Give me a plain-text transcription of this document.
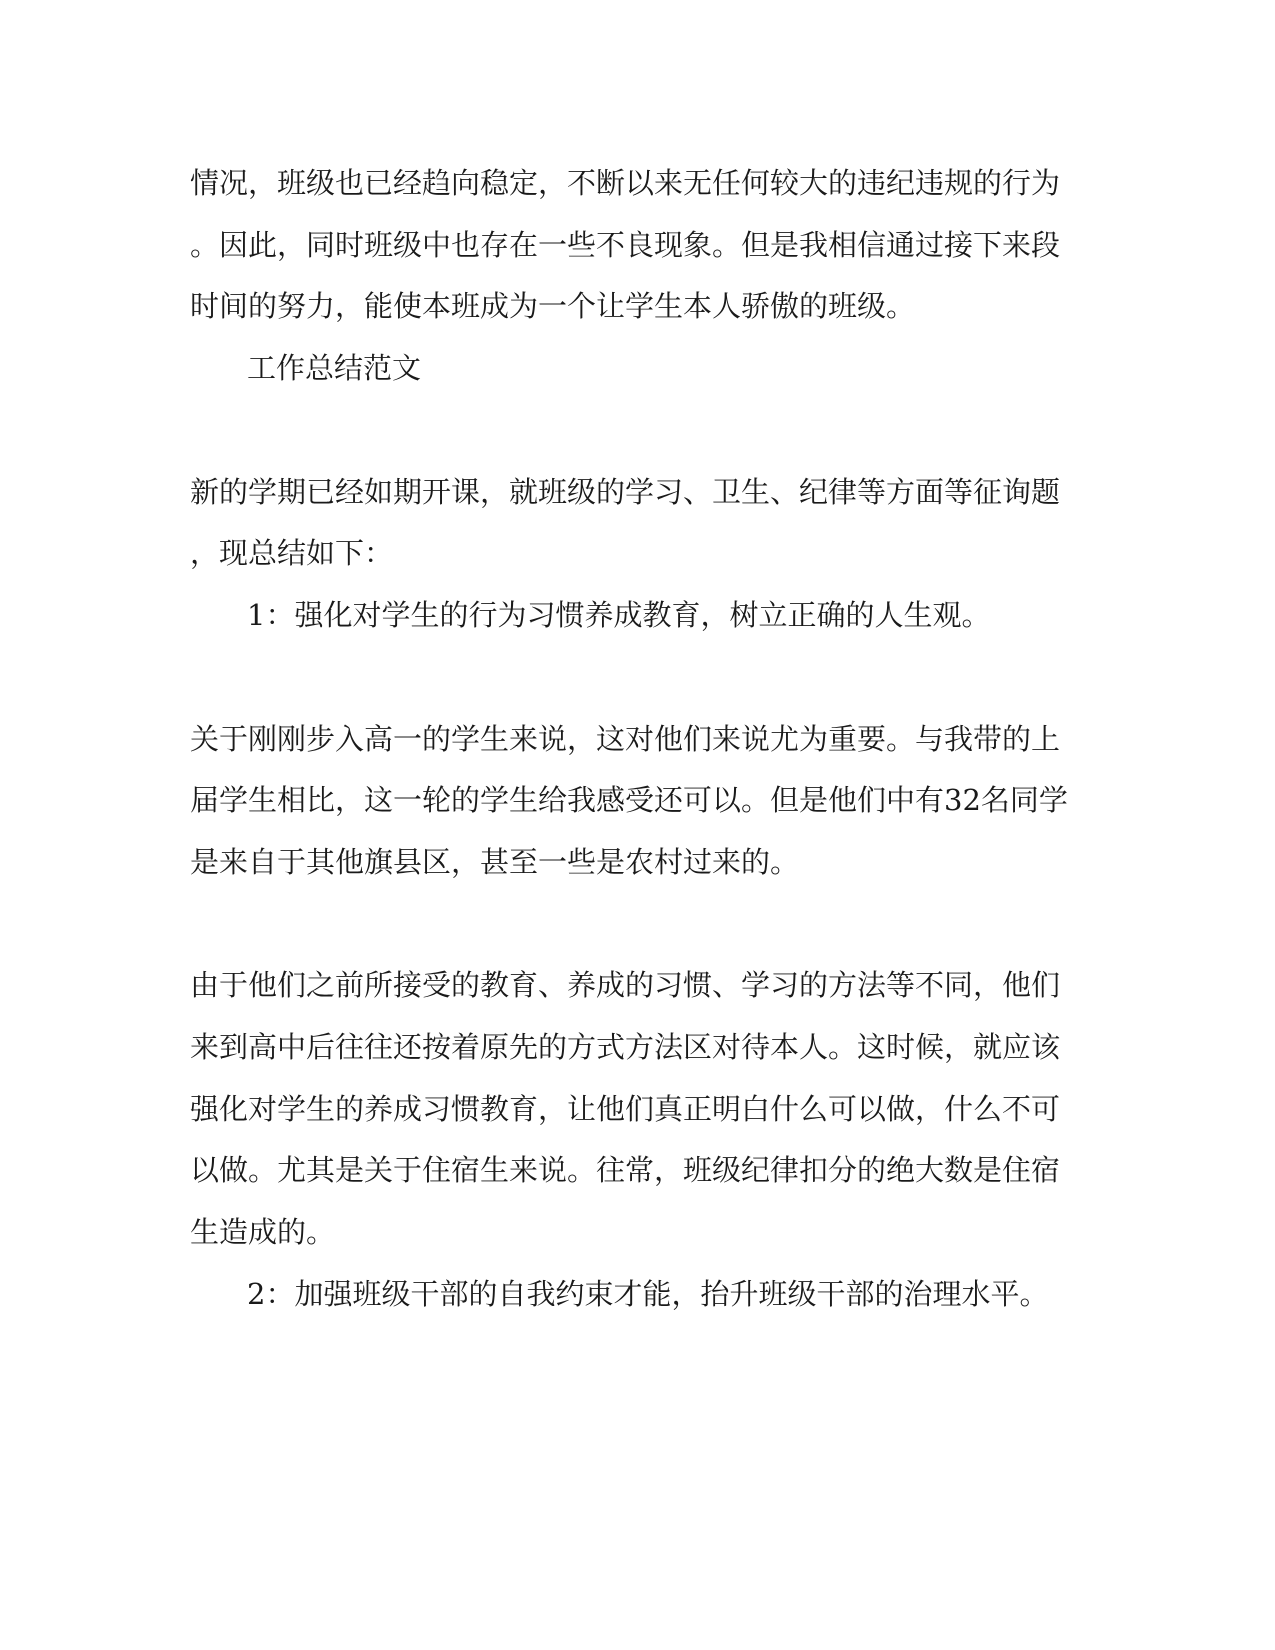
情况，班级也已经趋向稳定，不断以来无任何较大的违纪违规的行为
。因此，同时班级中也存在一些不良现象。但是我相信通过接下来段
时间的努力，能使本班成为一个让学生本人骄傲的班级。
工作总结范文
新的学期已经如期开课，就班级的学习、卫生、纪律等方面等征询题
，现总结如下：
1：强化对学生的行为习惯养成教育，树立正确的人生观。
关于刚刚步入高一的学生来说，这对他们来说尤为重要。与我带的上
届学生相比，这一轮的学生给我感受还可以。但是他们中有32名同学
是来自于其他旗县区，甚至一些是农村过来的。
由于他们之前所接受的教育、养成的习惯、学习的方法等不同，他们
来到高中后往往还按着原先的方式方法区对待本人。这时候，就应该
强化对学生的养成习惯教育，让他们真正明白什么可以做，什么不可
以做。尤其是关于住宿生来说。往常，班级纪律扣分的绝大数是住宿
生造成的。
2：加强班级干部的自我约束才能，抬升班级干部的治理水平。
